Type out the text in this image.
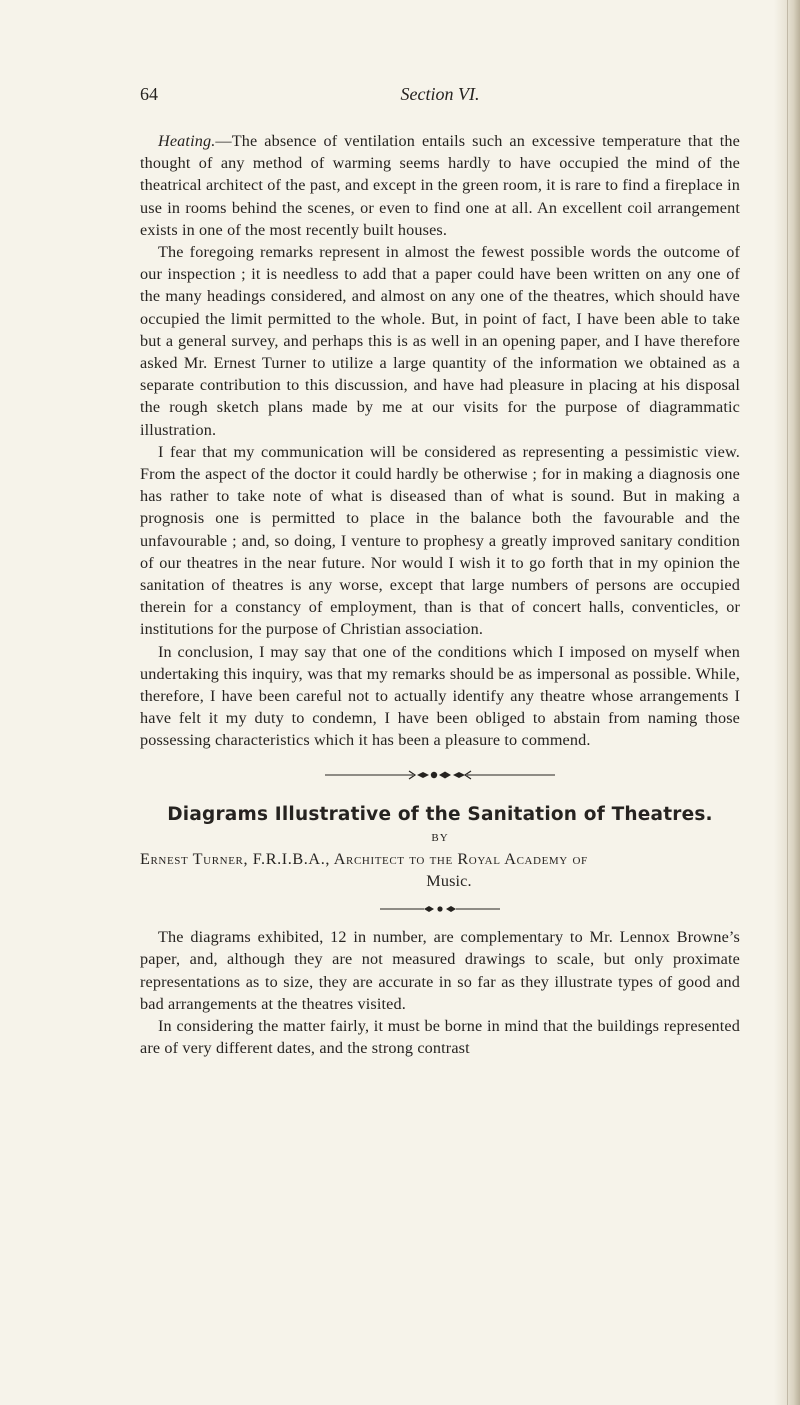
64	Section VI.

Heating.—The absence of ventilation entails such an excessive temperature that the thought of any method of warming seems hardly to have occupied the mind of the theatrical architect of the past, and except in the green room, it is rare to find a fireplace in use in rooms behind the scenes, or even to find one at all. An excellent coil arrangement exists in one of the most recently built houses.

The foregoing remarks represent in almost the fewest possible words the outcome of our inspection ; it is needless to add that a paper could have been written on any one of the many headings considered, and almost on any one of the theatres, which should have occupied the limit permitted to the whole. But, in point of fact, I have been able to take but a general survey, and perhaps this is as well in an opening paper, and I have therefore asked Mr. Ernest Turner to utilize a large quantity of the information we obtained as a separate contribution to this discussion, and have had pleasure in placing at his disposal the rough sketch plans made by me at our visits for the purpose of diagrammatic illustration.

I fear that my communication will be considered as representing a pessimistic view. From the aspect of the doctor it could hardly be otherwise ; for in making a diagnosis one has rather to take note of what is diseased than of what is sound. But in making a prognosis one is permitted to place in the balance both the favourable and the unfavourable ; and, so doing, I venture to prophesy a greatly improved sanitary condition of our theatres in the near future. Nor would I wish it to go forth that in my opinion the sanitation of theatres is any worse, except that large numbers of persons are occupied therein for a constancy of employment, than is that of concert halls, conventicles, or institutions for the purpose of Christian association.

In conclusion, I may say that one of the conditions which I imposed on myself when undertaking this inquiry, was that my remarks should be as impersonal as possible. While, therefore, I have been careful not to actually identify any theatre whose arrangements I have felt it my duty to condemn, I have been obliged to abstain from naming those possessing characteristics which it has been a pleasure to commend.

Diagrams Illustrative of the Sanitation of Theatres.

BY

Ernest Turner, F.R.I.B.A., Architect to the Royal Academy of

Music.

The diagrams exhibited, 12 in number, are complementary to Mr. Lennox Browne’s paper, and, although they are not measured drawings to scale, but only proximate representations as to size, they are accurate in so far as they illustrate types of good and bad arrangements at the theatres visited.

In considering the matter fairly, it must be borne in mind that the buildings represented are of very different dates, and the strong contrast
